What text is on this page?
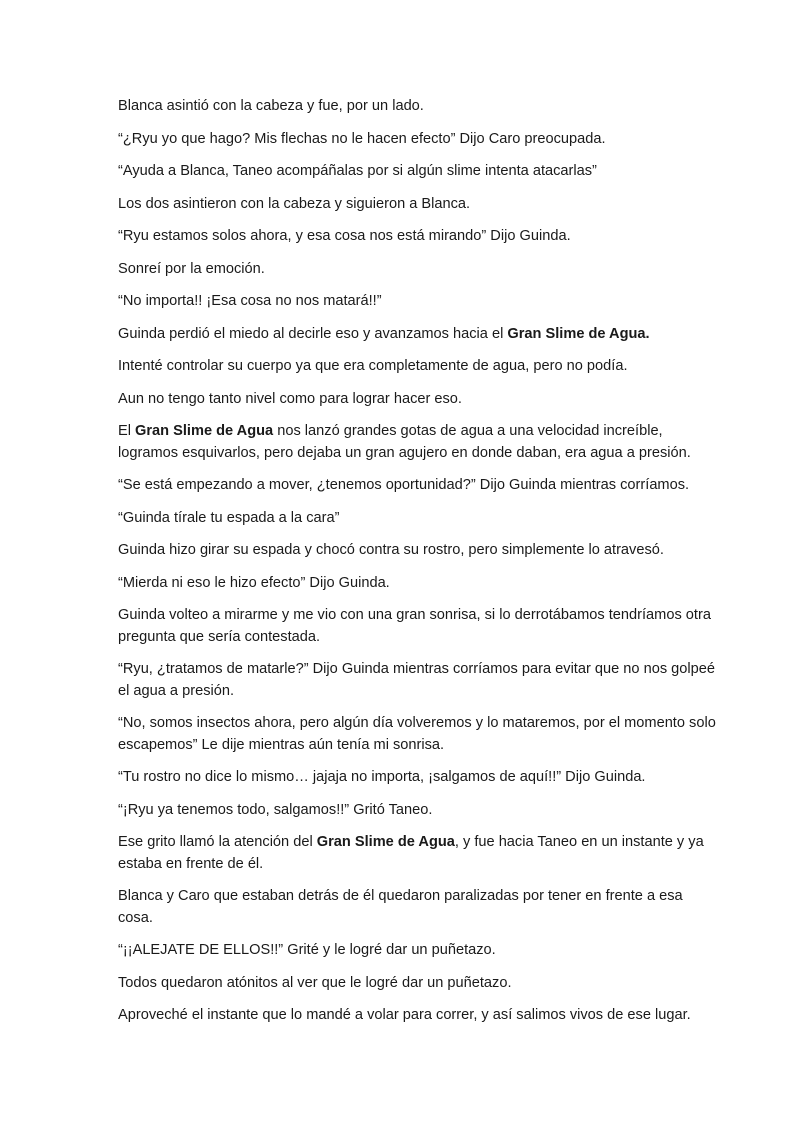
Blanca asintió con la cabeza y fue, por un lado.

“¿Ryu yo que hago? Mis flechas no le hacen efecto” Dijo Caro preocupada.

“Ayuda a Blanca, Taneo acompáñalas por si algún slime intenta atacarlas”

Los dos asintieron con la cabeza y siguieron a Blanca.

“Ryu estamos solos ahora, y esa cosa nos está mirando” Dijo Guinda.

Sonreí por la emoción.

“No importa!! ¡Esa cosa no nos matará!!”

Guinda perdió el miedo al decirle eso y avanzamos hacia el Gran Slime de Agua.

Intenté controlar su cuerpo ya que era completamente de agua, pero no podía.

Aun no tengo tanto nivel como para lograr hacer eso.

El Gran Slime de Agua nos lanzó grandes gotas de agua a una velocidad increíble, logramos esquivarlos, pero dejaba un gran agujero en donde daban, era agua a presión.

“Se está empezando a mover, ¿tenemos oportunidad?” Dijo Guinda mientras corríamos.

“Guinda tírale tu espada a la cara”

Guinda hizo girar su espada y chocó contra su rostro, pero simplemente lo atravesó.

“Mierda ni eso le hizo efecto” Dijo Guinda.

Guinda volteo a mirarme y me vio con una gran sonrisa, si lo derrotábamos tendríamos otra pregunta que sería contestada.

“Ryu, ¿tratamos de matarle?” Dijo Guinda mientras corríamos para evitar que no nos golpeé el agua a presión.

“No, somos insectos ahora, pero algún día volveremos y lo mataremos, por el momento solo escapemos” Le dije mientras aún tenía mi sonrisa.

“Tu rostro no dice lo mismo… jajaja no importa, ¡salgamos de aquí!!” Dijo Guinda.

“¡Ryu ya tenemos todo, salgamos!!” Gritó Taneo.

Ese grito llamó la atención del Gran Slime de Agua, y fue hacia Taneo en un instante y ya estaba en frente de él.

Blanca y Caro que estaban detrás de él quedaron paralizadas por tener en frente a esa cosa.

“¡¡ALEJATE DE ELLOS!!” Grité y le logré dar un puñetazo.

Todos quedaron atónitos al ver que le logré dar un puñetazo.

Aproveché el instante que lo mandé a volar para correr, y así salimos vivos de ese lugar.
